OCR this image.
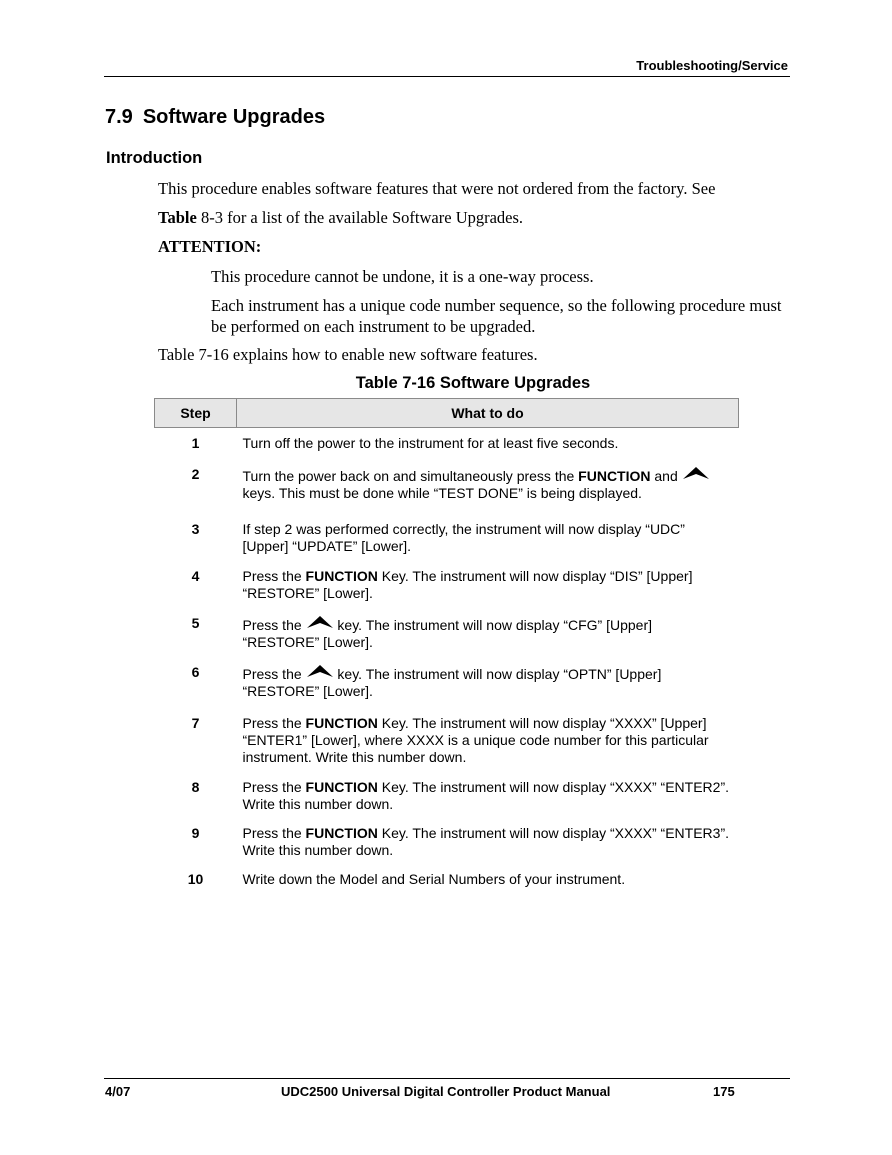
Troubleshooting/Service
7.9 Software Upgrades
Introduction
This procedure enables software features that were not ordered from the factory. See
Table 8-3 for a list of the available Software Upgrades.
ATTENTION:
This procedure cannot be undone, it is a one-way process.
Each instrument has a unique code number sequence, so the following procedure must be performed on each instrument to be upgraded.
Table 7-16 explains how to enable new software features.
Table 7-16 Software Upgrades
Step	What to do
1	Turn off the power to the instrument for at least five seconds.
2	Turn the power back on and simultaneously press the FUNCTION and

keys. This must be done while “TEST DONE” is being displayed.
3	If step 2 was performed correctly, the instrument will now display “UDC” [Upper] “UPDATE” [Lower].
4	Press the FUNCTION Key. The instrument will now display “DIS” [Upper] “RESTORE” [Lower].
5	Press the
key. The instrument will now display “CFG” [Upper]
“RESTORE” [Lower].
6	Press the
key. The instrument will now display “OPTN” [Upper]
“RESTORE” [Lower].
7	Press the FUNCTION Key. The instrument will now display “XXXX” [Upper] “ENTER1” [Lower], where XXXX is a unique code number for this particular instrument. Write this number down.
8	Press the FUNCTION Key. The instrument will now display “XXXX” “ENTER2”. Write this number down.
9	Press the FUNCTION Key. The instrument will now display “XXXX” “ENTER3”. Write this number down.
10	Write down the Model and Serial Numbers of your instrument.
4/07	UDC2500 Universal Digital Controller Product Manual	175
